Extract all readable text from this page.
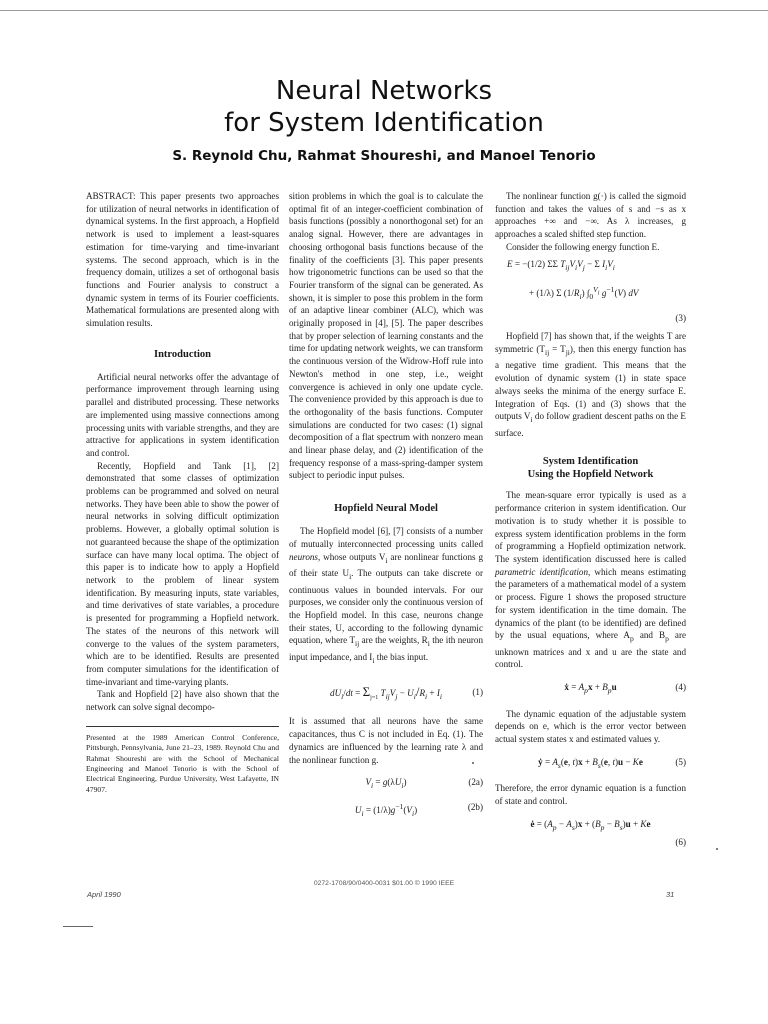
Neural Networks
for System Identification
S. Reynold Chu, Rahmat Shoureshi, and Manoel Tenorio

ABSTRACT: This paper presents two approaches for utilization of neural networks in identification of dynamical systems. In the first approach, a Hopfield network is used to implement a least-squares estimation for time-varying and time-invariant systems. The second approach, which is in the frequency domain, utilizes a set of orthogonal basis functions and Fourier analysis to construct a dynamic system in terms of its Fourier coefficients. Mathematical formulations are presented along with simulation results.

Introduction

Artificial neural networks offer the advantage of performance improvement through learning using parallel and distributed processing. These networks are implemented using massive connections among processing units with variable strengths, and they are attractive for applications in system identification and control.

Recently, Hopfield and Tank [1], [2] demonstrated that some classes of optimization problems can be programmed and solved on neural networks. They have been able to show the power of neural networks in solving difficult optimization problems. However, a globally optimal solution is not guaranteed because the shape of the optimization surface can have many local optima. The object of this paper is to indicate how to apply a Hopfield network to the problem of linear system identification. By measuring inputs, state variables, and time derivatives of state variables, a procedure is presented for programming a Hopfield network. The states of the neurons of this network will converge to the values of the system parameters, which are to be identified. Results are presented from computer simulations for the identification of time-invariant and time-varying plants.

Tank and Hopfield [2] have also shown that the network can solve signal decompo-

Presented at the 1989 American Control Conference, Pittsburgh, Pennsylvania, June 21–23, 1989. Reynold Chu and Rahmat Shoureshi are with the School of Mechanical Engineering and Manoel Tenorio is with the School of Electrical Engineering, Purdue University, West Lafayette, IN 47907.

sition problems in which the goal is to calculate the optimal fit of an integer-coefficient combination of basis functions (possibly a nonorthogonal set) for an analog signal. However, there are advantages in choosing orthogonal basis functions because of the finality of the coefficients [3]. This paper presents how trigonometric functions can be used so that the Fourier transform of the signal can be generated. As shown, it is simpler to pose this problem in the form of an adaptive linear combiner (ALC), which was originally proposed in [4], [5]. The paper describes that by proper selection of learning constants and the time for updating network weights, we can transform the continuous version of the Widrow-Hoff rule into Newton's method in one step, i.e., weight convergence is achieved in only one update cycle. The convenience provided by this approach is due to the orthogonality of the basis functions. Computer simulations are conducted for two cases: (1) signal decomposition of a flat spectrum with nonzero mean and linear phase delay, and (2) identification of the frequency response of a mass-spring-damper system subject to periodic input pulses.

Hopfield Neural Model

The Hopfield model [6], [7] consists of a number of mutually interconnected processing units called neurons, whose outputs $V_i$ are nonlinear functions g of their state $U_i$. The outputs can take discrete or continuous values in bounded intervals. For our purposes, we consider only the continuous version of the Hopfield model. In this case, neurons change their states, U, according to the following dynamic equation, where $T_{ij}$ are the weights, $R_i$ the ith neuron input impedance, and $I_i$ the bias input.

$dU_i/dt = \Sigma_{j=1}$ $T_{ij}V_j - U_i/R_i + I_i$	(1)

It is assumed that all neurons have the same capacitances, thus C is not included in Eq. (1). The dynamics are influenced by the learning rate λ and the nonlinear function g.

$V_i = g(\lambda U_i)$	(2a)
$U_i = (1/\lambda)g^{-1}(V_i)$	(2b)

The nonlinear function g(·) is called the sigmoid function and takes the values of s and −s as x approaches +∞ and −∞. As λ increases, g approaches a scaled shifted step function.

Consider the following energy function E.

E = −(1/2) ΣΣ $T_{ij}V_iV_j - \Sigma$ $I_iV_i$
+ (1/λ) Σ $(1/R_i)$ $\int_0^{V_i}$ $g^{-1}(V)$ dV
(3)

Hopfield [7] has shown that, if the weights T are symmetric $(T_{ij} = T_{ji})$, then this energy function has a negative time gradient. This means that the evolution of dynamic system (1) in state space always seeks the minima of the energy surface E. Integration of Eqs. (1) and (3) shows that the outputs $V_i$ do follow gradient descent paths on the E surface.

System Identification
Using the Hopfield Network

The mean-square error typically is used as a performance criterion in system identification. Our motivation is to study whether it is possible to express system identification problems in the form of programming a Hopfield optimization network. The system identification discussed here is called parametric identification, which means estimating the parameters of a mathematical model of a system or process. Figure 1 shows the proposed structure for system identification in the time domain. The dynamics of the plant (to be identified) are defined by the usual equations, where $A_p$ and $B_p$ are unknown matrices and x and u are the state and control.

ẋ = $A_px + B_pu$	(4)

The dynamic equation of the adjustable system depends on e, which is the error vector between actual system states x and estimated values y.

ẏ = $A_s(e$, $t)x + B_s(e$, t)u − Ke	(5)

Therefore, the error dynamic equation is a function of state and control.

ė = $(A_p - A_s)x + (B_p - B_s)u + Ke$
(6)
0272-1708/90/0400-0031 $01.00 © 1990 IEEE
April 1990	31
